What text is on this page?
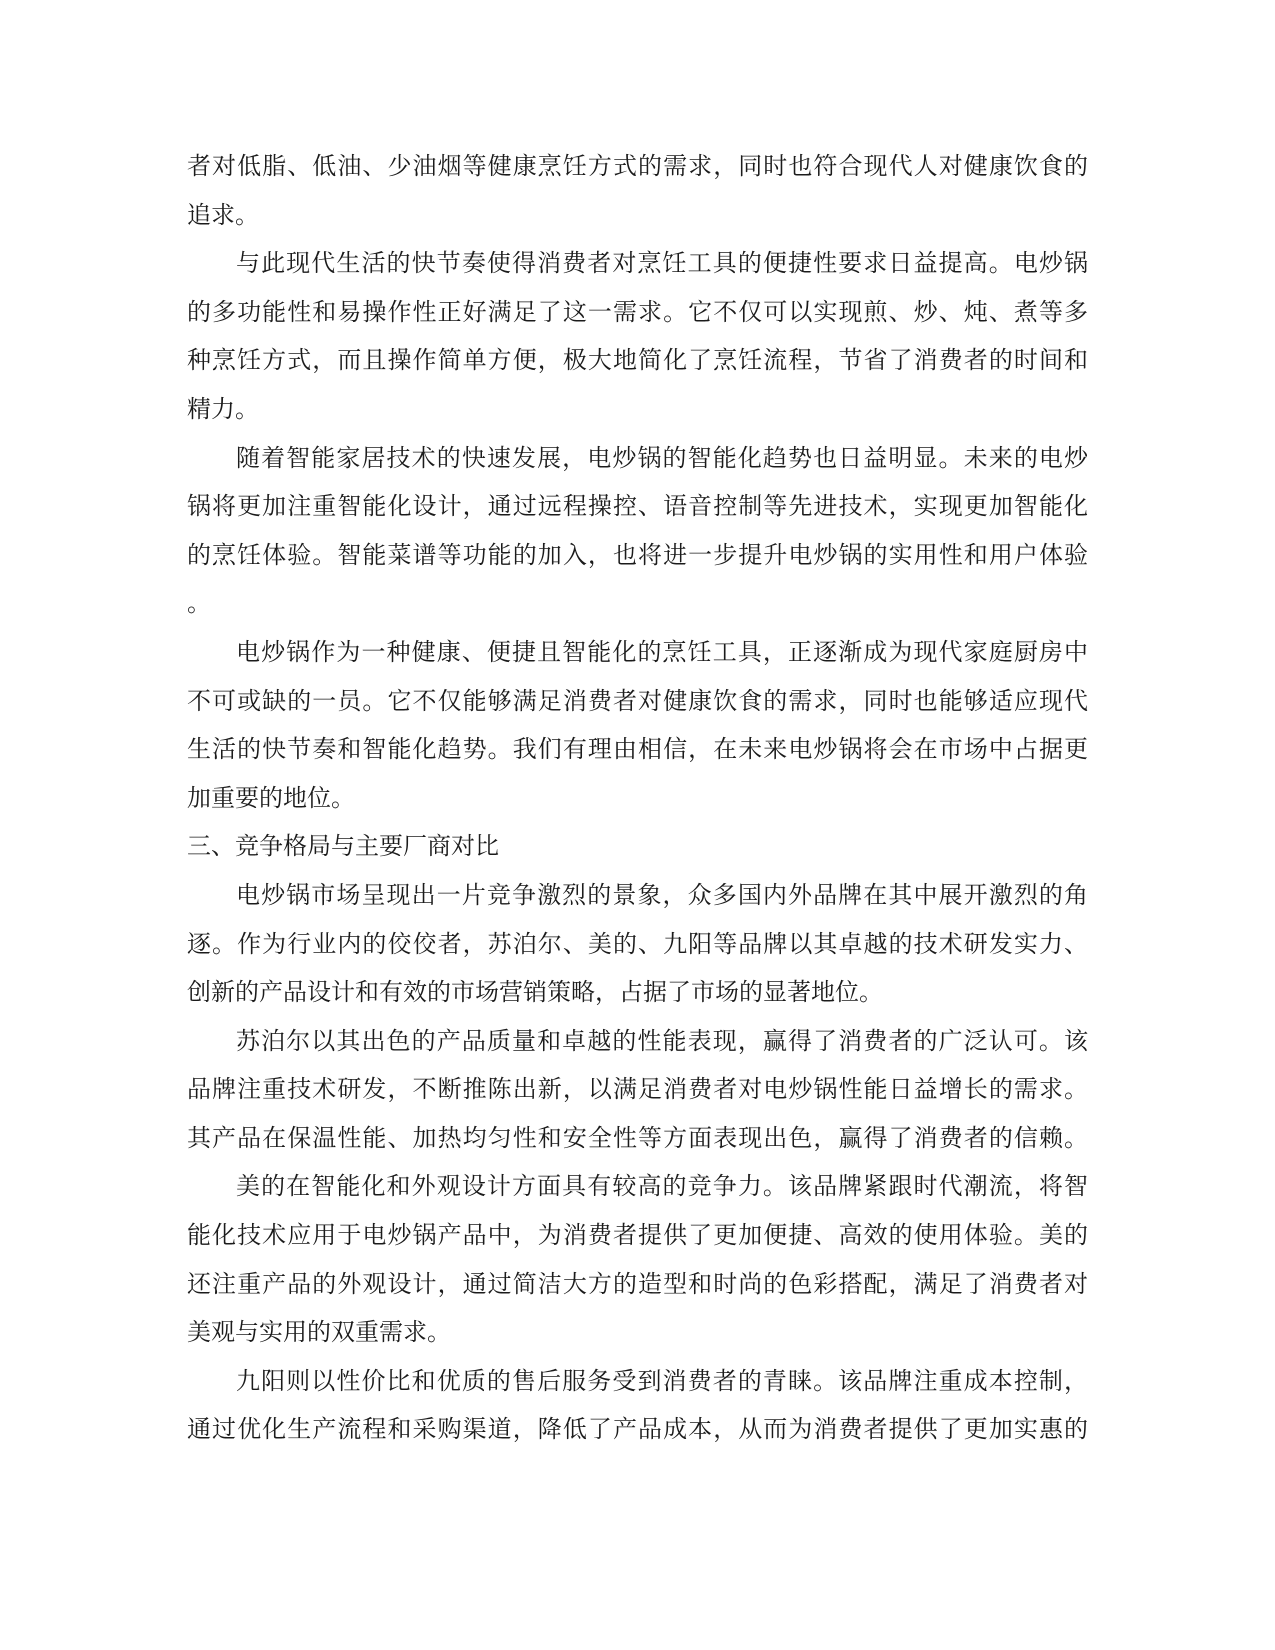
者对低脂、低油、少油烟等健康烹饪方式的需求，同时也符合现代人对健康饮食的
追求。
与此现代生活的快节奏使得消费者对烹饪工具的便捷性要求日益提高。电炒锅
的多功能性和易操作性正好满足了这一需求。它不仅可以实现煎、炒、炖、煮等多
种烹饪方式，而且操作简单方便，极大地简化了烹饪流程，节省了消费者的时间和
精力。
随着智能家居技术的快速发展，电炒锅的智能化趋势也日益明显。未来的电炒
锅将更加注重智能化设计，通过远程操控、语音控制等先进技术，实现更加智能化
的烹饪体验。智能菜谱等功能的加入，也将进一步提升电炒锅的实用性和用户体验
。
电炒锅作为一种健康、便捷且智能化的烹饪工具，正逐渐成为现代家庭厨房中
不可或缺的一员。它不仅能够满足消费者对健康饮食的需求，同时也能够适应现代
生活的快节奏和智能化趋势。我们有理由相信，在未来电炒锅将会在市场中占据更
加重要的地位。
三、竞争格局与主要厂商对比
电炒锅市场呈现出一片竞争激烈的景象，众多国内外品牌在其中展开激烈的角
逐。作为行业内的佼佼者，苏泊尔、美的、九阳等品牌以其卓越的技术研发实力、
创新的产品设计和有效的市场营销策略，占据了市场的显著地位。
苏泊尔以其出色的产品质量和卓越的性能表现，赢得了消费者的广泛认可。该
品牌注重技术研发，不断推陈出新，以满足消费者对电炒锅性能日益增长的需求。
其产品在保温性能、加热均匀性和安全性等方面表现出色，赢得了消费者的信赖。
美的在智能化和外观设计方面具有较高的竞争力。该品牌紧跟时代潮流，将智
能化技术应用于电炒锅产品中，为消费者提供了更加便捷、高效的使用体验。美的
还注重产品的外观设计，通过简洁大方的造型和时尚的色彩搭配，满足了消费者对
美观与实用的双重需求。
九阳则以性价比和优质的售后服务受到消费者的青睐。该品牌注重成本控制，
通过优化生产流程和采购渠道，降低了产品成本，从而为消费者提供了更加实惠的
